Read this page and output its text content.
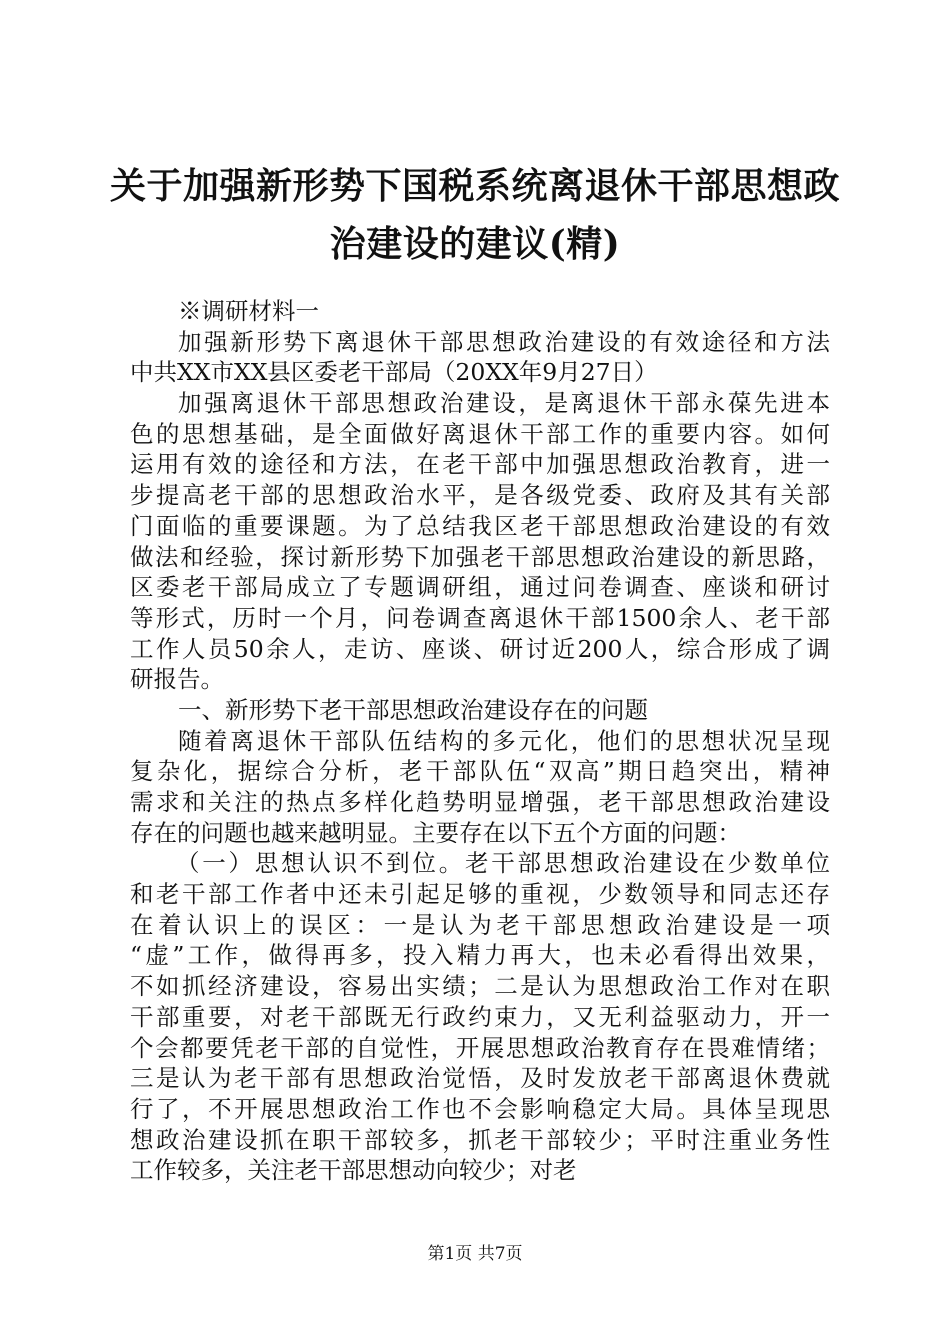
关于加强新形势下国税系统离退休干部思想政
治建设的建议(精)
※调研材料一
加强新形势下离退休干部思想政治建设的有效途径和方法
中共XX市XX县区委老干部局（20XX年9月27日）
加强离退休干部思想政治建设，是离退休干部永葆先进本
色的思想基础，是全面做好离退休干部工作的重要内容。如何
运用有效的途径和方法，在老干部中加强思想政治教育，进一
步提高老干部的思想政治水平，是各级党委、政府及其有关部
门面临的重要课题。为了总结我区老干部思想政治建设的有效
做法和经验，探讨新形势下加强老干部思想政治建设的新思路，
区委老干部局成立了专题调研组，通过问卷调查、座谈和研讨
等形式，历时一个月，问卷调查离退休干部1500余人、老干部
工作人员50余人，走访、座谈、研讨近200人，综合形成了调
研报告。
一、新形势下老干部思想政治建设存在的问题
随着离退休干部队伍结构的多元化，他们的思想状况呈现
复杂化，据综合分析，老干部队伍“双高”期日趋突出，精神
需求和关注的热点多样化趋势明显增强，老干部思想政治建设
存在的问题也越来越明显。主要存在以下五个方面的问题：
（一）思想认识不到位。老干部思想政治建设在少数单位
和老干部工作者中还未引起足够的重视，少数领导和同志还存
在着认识上的误区：一是认为老干部思想政治建设是一项
“虚”工作，做得再多，投入精力再大，也未必看得出效果，
不如抓经济建设，容易出实绩；二是认为思想政治工作对在职
干部重要，对老干部既无行政约束力，又无利益驱动力，开一
个会都要凭老干部的自觉性，开展思想政治教育存在畏难情绪；
三是认为老干部有思想政治觉悟，及时发放老干部离退休费就
行了，不开展思想政治工作也不会影响稳定大局。具体呈现思
想政治建设抓在职干部较多，抓老干部较少；平时注重业务性
工作较多，关注老干部思想动向较少；对老
第1页 共7页
